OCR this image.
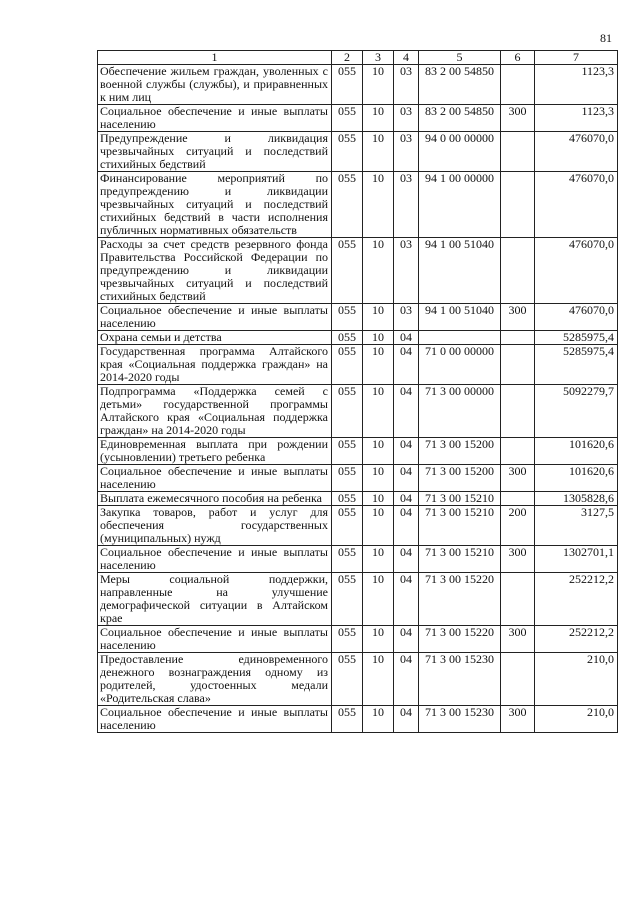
81
1	2	3	4	5	6	7
Обеспечение жильем граждан, уволенных с военной службы (службы), и приравненных к ним лиц	055	10	03	83 2 00 54850		1123,3
Социальное обеспечение и иные выплаты населению	055	10	03	83 2 00 54850	300	1123,3
Предупреждение и ликвидация чрезвычайных ситуаций и последствий стихийных бедствий	055	10	03	94 0 00 00000		476070,0
Финансирование мероприятий по предупреждению и ликвидации чрезвычайных ситуаций и последствий стихийных бедствий в части исполнения публичных нормативных обязательств	055	10	03	94 1 00 00000		476070,0
Расходы за счет средств резервного фонда Правительства Российской Федерации по предупреждению и ликвидации чрезвычайных ситуаций и последствий стихийных бедствий	055	10	03	94 1 00 51040		476070,0
Социальное обеспечение и иные выплаты населению	055	10	03	94 1 00 51040	300	476070,0
Охрана семьи и детства	055	10	04			5285975,4
Государственная программа Алтайского края «Социальная поддержка граждан» на 2014-2020 годы	055	10	04	71 0 00 00000		5285975,4
Подпрограмма «Поддержка семей с детьми» государственной программы Алтайского края «Социальная поддержка граждан» на 2014-2020 годы	055	10	04	71 3 00 00000		5092279,7
Единовременная выплата при рождении (усыновлении) третьего ребенка	055	10	04	71 3 00 15200		101620,6
Социальное обеспечение и иные выплаты населению	055	10	04	71 3 00 15200	300	101620,6
Выплата ежемесячного пособия на ребенка	055	10	04	71 3 00 15210		1305828,6
Закупка товаров, работ и услуг для обеспечения государственных (муниципальных) нужд	055	10	04	71 3 00 15210	200	3127,5
Социальное обеспечение и иные выплаты населению	055	10	04	71 3 00 15210	300	1302701,1
Меры социальной поддержки, направленные на улучшение демографической ситуации в Алтайском крае	055	10	04	71 3 00 15220		252212,2
Социальное обеспечение и иные выплаты населению	055	10	04	71 3 00 15220	300	252212,2
Предоставление единовременного денежного вознаграждения одному из родителей, удостоенных медали «Родительская слава»	055	10	04	71 3 00 15230		210,0
Социальное обеспечение и иные выплаты населению	055	10	04	71 3 00 15230	300	210,0
